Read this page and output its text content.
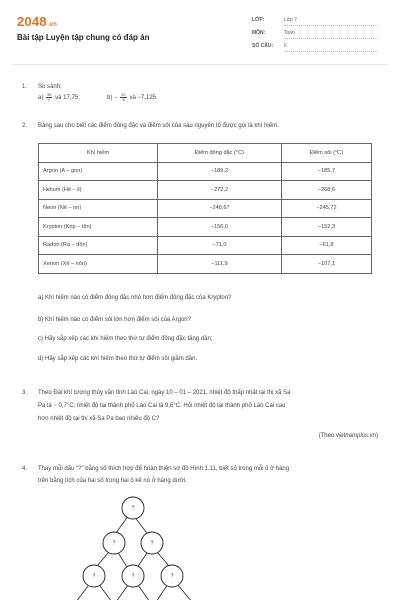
2048.vn
Bài tập Luyện tập chung có đáp án
LỚP:	Lớp 7
MÔN:	Toán
SỐ CÂU: 6
1. So sánh:
$a) \frac{35}{2}$ và 17,75;	$b) - \frac{57}{8}$ và −7,125.
2. Bảng sau cho biết các điểm đông đặc và điểm sôi của sáu nguyên tố được gọi là khí hiếm.
Khí hiếm	Điểm đông đặc (°C)	Điểm sôi (°C)
Argon (A – gon)	−189,2	−185,7
Helium (Hê – li)	−272,2	−268,6
Neon (Nê – on)	−248,67	−245,72
Krypton (Krip – tôn)	−156,6	−152,3
Radon (Ra – đôn)	−71,0	−61,8
Xenon (Xê – nôn)	−111,9	−107,1
a) Khí hiếm nào có điểm đông đặc nhỏ hơn điểm đông đặc của Krypton?
b) Khí hiếm nào có điểm sôi lớn hơn điểm sôi của Argon?
c) Hãy sắp xếp các khí hiếm theo thứ tự điểm đông đặc tăng dần;
d) Hãy sắp xếp các khí hiếm theo thứ tự điểm sôi giảm dần.
3. Theo Đài khí tượng thủy văn tỉnh Lào Cai, ngày 10 – 01 – 2021, nhiệt độ thấp nhất tại thị xã Sa
Pa là − 0,7°C; nhiệt độ tại thành phố Lào Cai là 9,6°C. Hỏi nhiệt độ tại thành phố Lào Cai cao
hơn nhiệt độ tại thị xã Sa Pa bao nhiêu độ C?
(Theo vietnamplus.vn)
4. Thay mỗi dấu "?" bằng số thích hợp để hoàn thiện sơ đồ Hình 1.11, biết số trong mỗi ô ở hàng
trên bằng tích của hai số trong hai ô kề nó ở hàng dưới.
?
?	?
?	?	?
